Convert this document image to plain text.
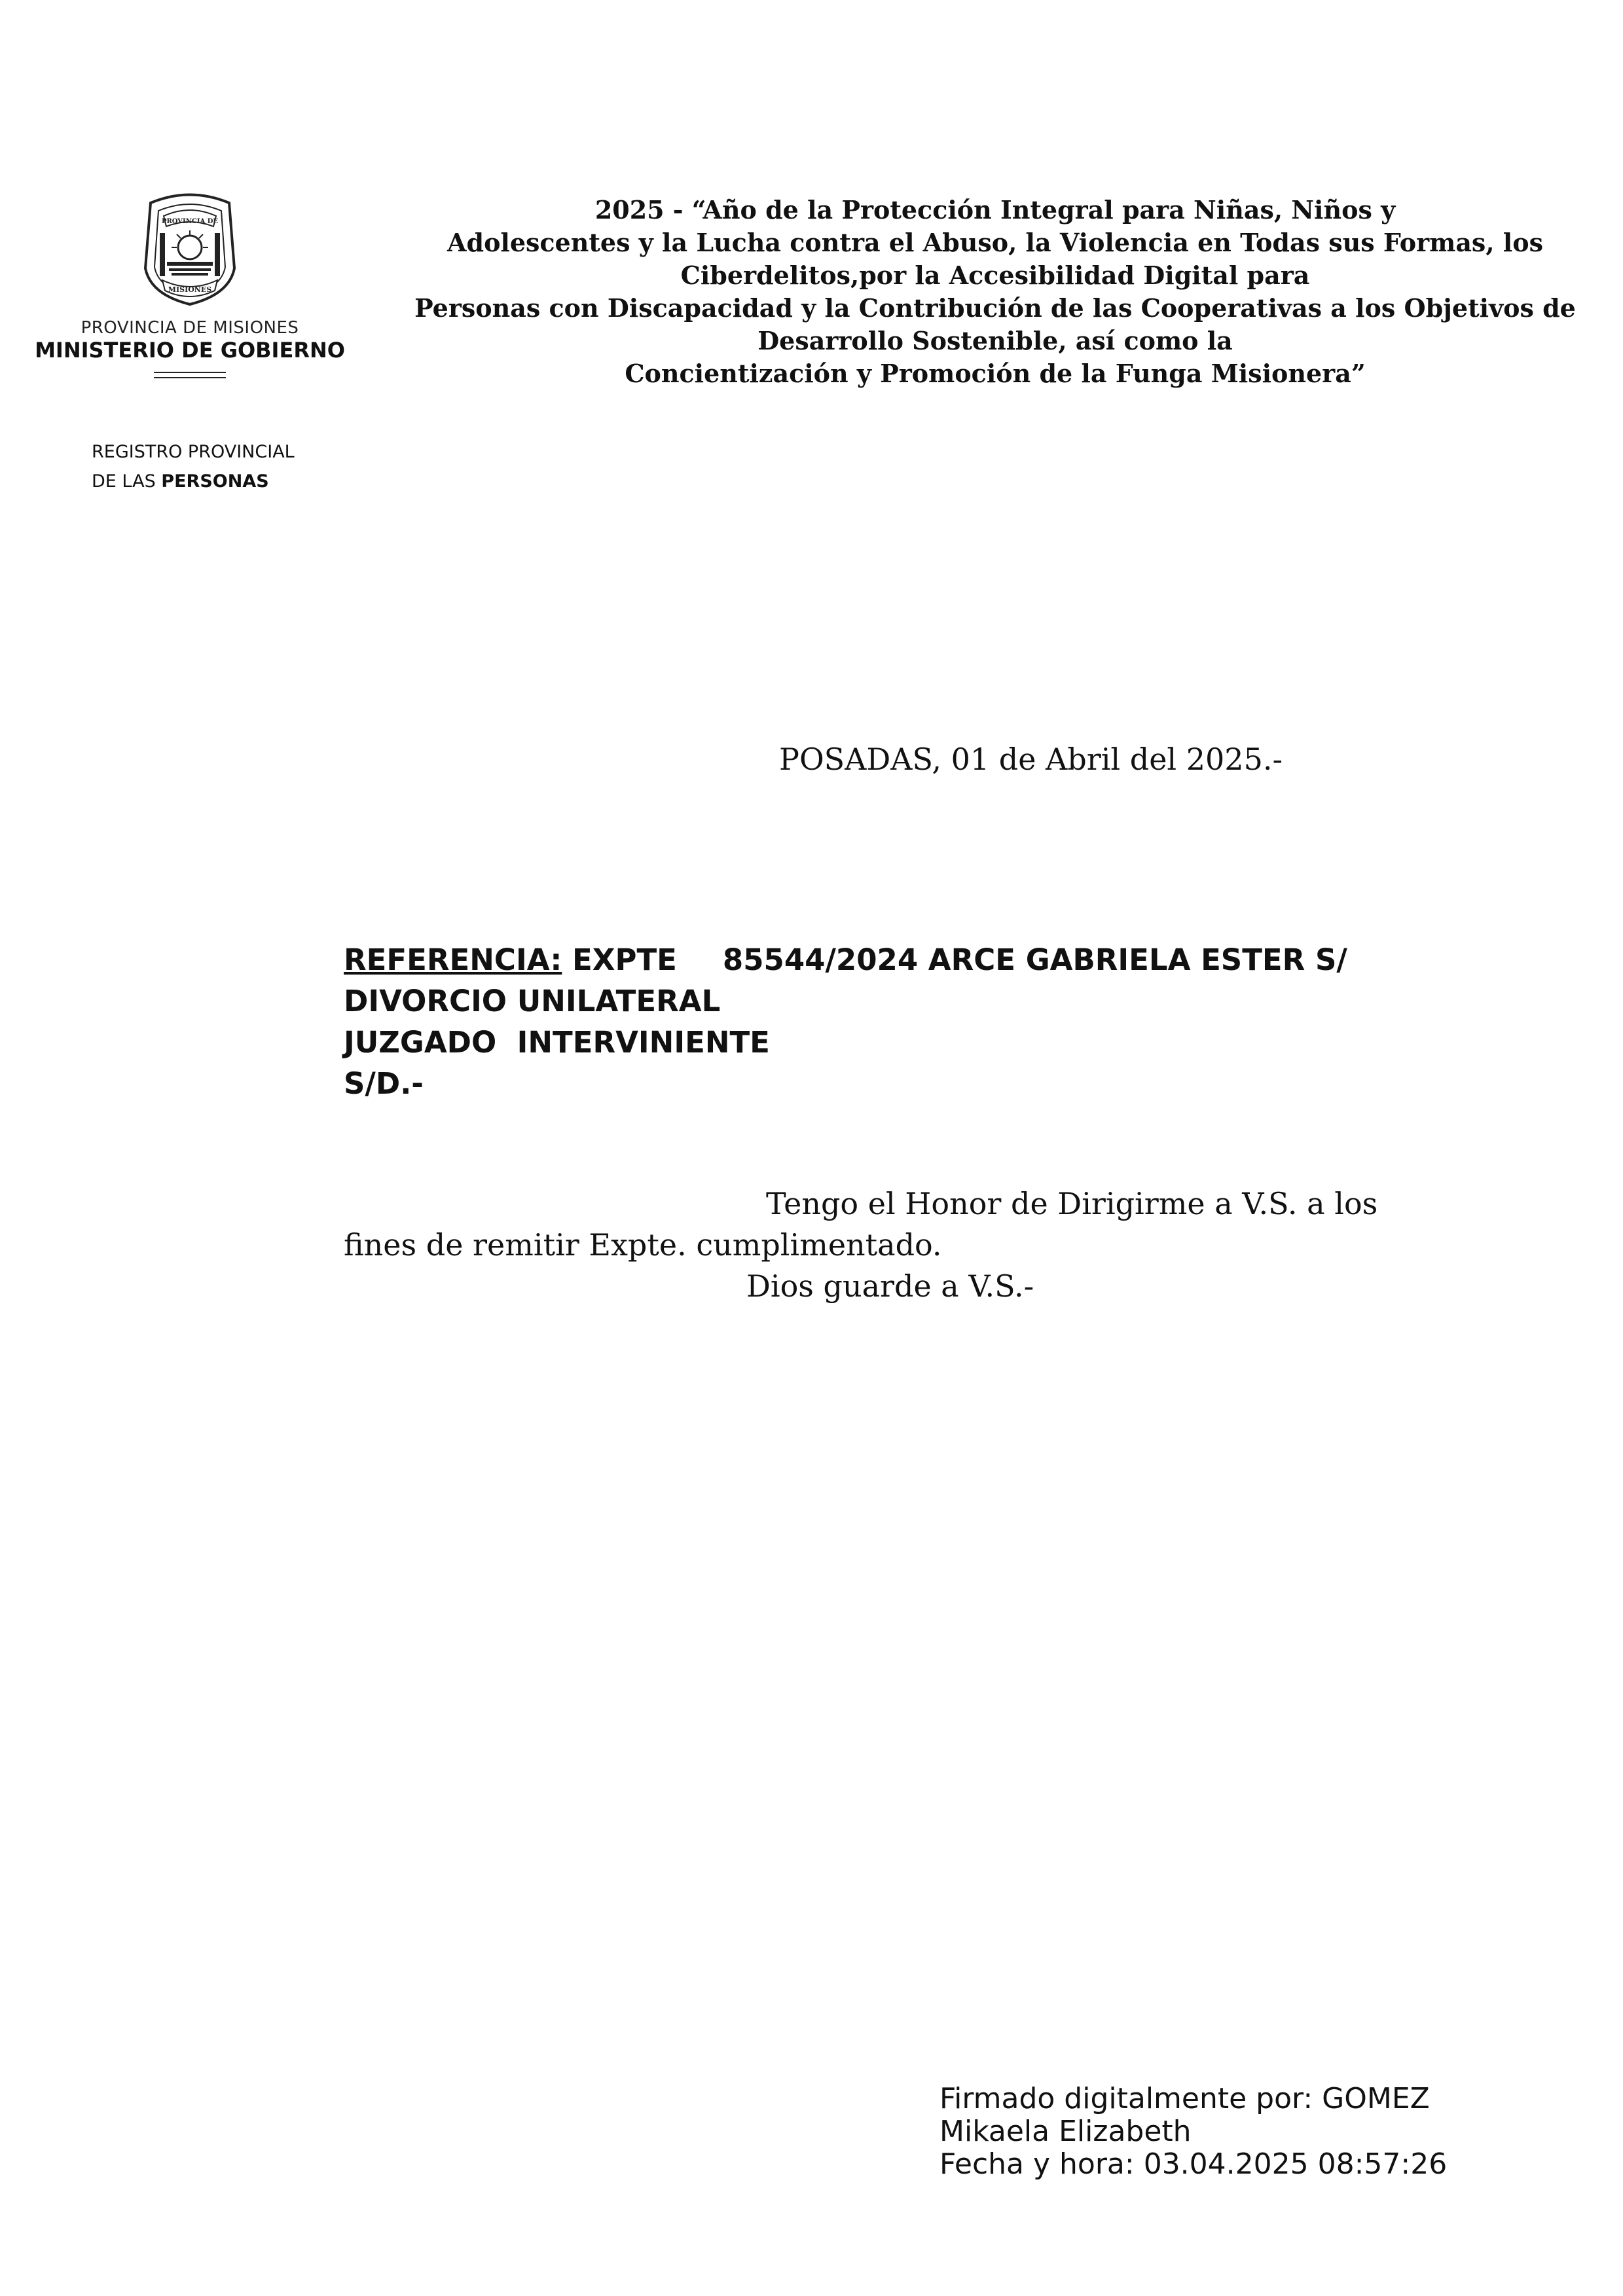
PROVINCIA DE
MISIONES
PROVINCIA DE MISIONES
MINISTERIO DE GOBIERNO
REGISTRO PROVINCIAL
DE LAS PERSONAS
2025 - “Año de la Protección Integral para Niñas, Niños y
Adolescentes y la Lucha contra el Abuso, la Violencia en Todas sus Formas, los
Ciberdelitos,por la Accesibilidad Digital para
Personas con Discapacidad y la Contribución de las Cooperativas a los Objetivos de
Desarrollo Sostenible, así como la
Concientización y Promoción de la Funga Misionera”
POSADAS, 01 de Abril del 2025.-
REFERENCIA: EXPTE 85544/2024 ARCE GABRIELA ESTER S/
DIVORCIO UNILATERAL
JUZGADO  INTERVINIENTE
S/D.-
Tengo el Honor de Dirigirme a V.S. a los
fines de remitir Expte. cumplimentado.
Dios guarde a V.S.-
Firmado digitalmente por: GOMEZ
Mikaela Elizabeth
Fecha y hora: 03.04.2025 08:57:26
